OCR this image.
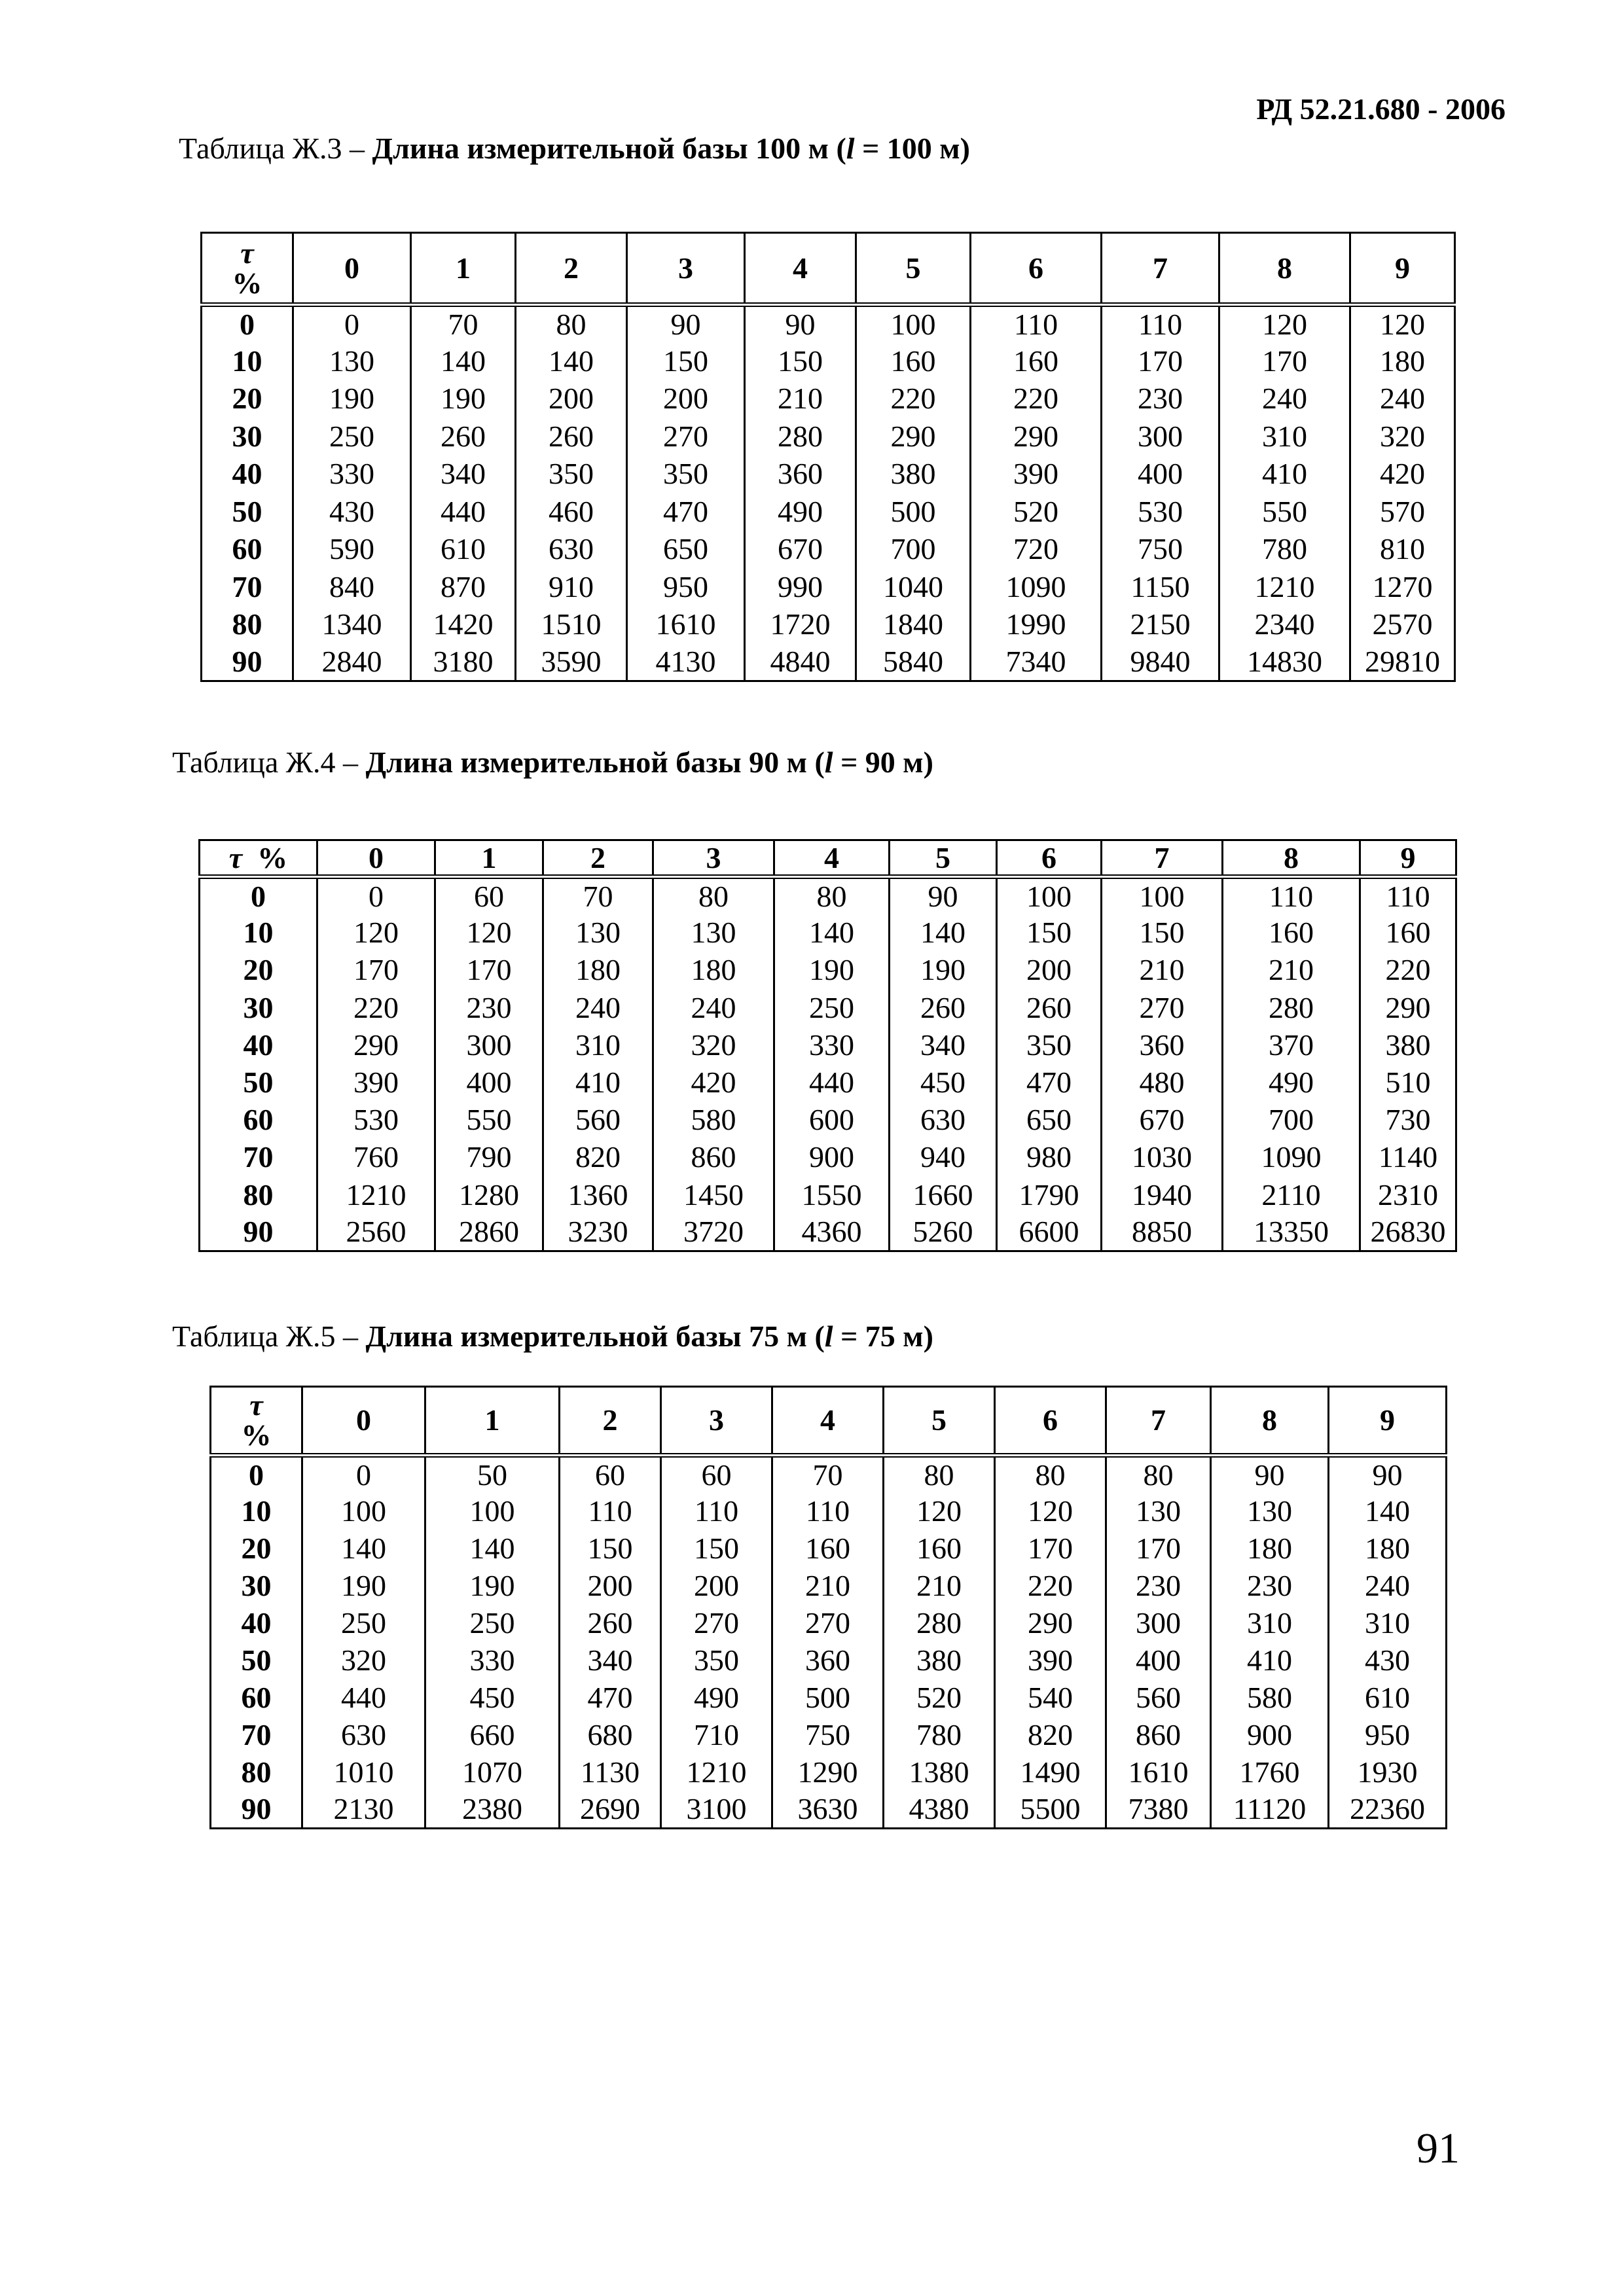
РД 52.21.680 - 2006
Таблица Ж.3 – Длина измерительной базы 100 м (l = 100 м)
τ
%	0	1	2	3	4	5	6	7	8	9
0	0	70	80	90	90	100	110	110	120	120
10	130	140	140	150	150	160	160	170	170	180
20	190	190	200	200	210	220	220	230	240	240
30	250	260	260	270	280	290	290	300	310	320
40	330	340	350	350	360	380	390	400	410	420
50	430	440	460	470	490	500	520	530	550	570
60	590	610	630	650	670	700	720	750	780	810
70	840	870	910	950	990	1040	1090	1150	1210	1270
80	1340	1420	1510	1610	1720	1840	1990	2150	2340	2570
90	2840	3180	3590	4130	4840	5840	7340	9840	14830	29810
Таблица Ж.4 – Длина измерительной базы 90 м (l = 90 м)
τ %	0	1	2	3	4	5	6	7	8	9
0	0	60	70	80	80	90	100	100	110	110
10	120	120	130	130	140	140	150	150	160	160
20	170	170	180	180	190	190	200	210	210	220
30	220	230	240	240	250	260	260	270	280	290
40	290	300	310	320	330	340	350	360	370	380
50	390	400	410	420	440	450	470	480	490	510
60	530	550	560	580	600	630	650	670	700	730
70	760	790	820	860	900	940	980	1030	1090	1140
80	1210	1280	1360	1450	1550	1660	1790	1940	2110	2310
90	2560	2860	3230	3720	4360	5260	6600	8850	13350	26830
Таблица Ж.5 – Длина измерительной базы 75 м (l = 75 м)
τ
%	0	1	2	3	4	5	6	7	8	9
0	0	50	60	60	70	80	80	80	90	90
10	100	100	110	110	110	120	120	130	130	140
20	140	140	150	150	160	160	170	170	180	180
30	190	190	200	200	210	210	220	230	230	240
40	250	250	260	270	270	280	290	300	310	310
50	320	330	340	350	360	380	390	400	410	430
60	440	450	470	490	500	520	540	560	580	610
70	630	660	680	710	750	780	820	860	900	950
80	1010	1070	1130	1210	1290	1380	1490	1610	1760	1930
90	2130	2380	2690	3100	3630	4380	5500	7380	11120	22360
91
